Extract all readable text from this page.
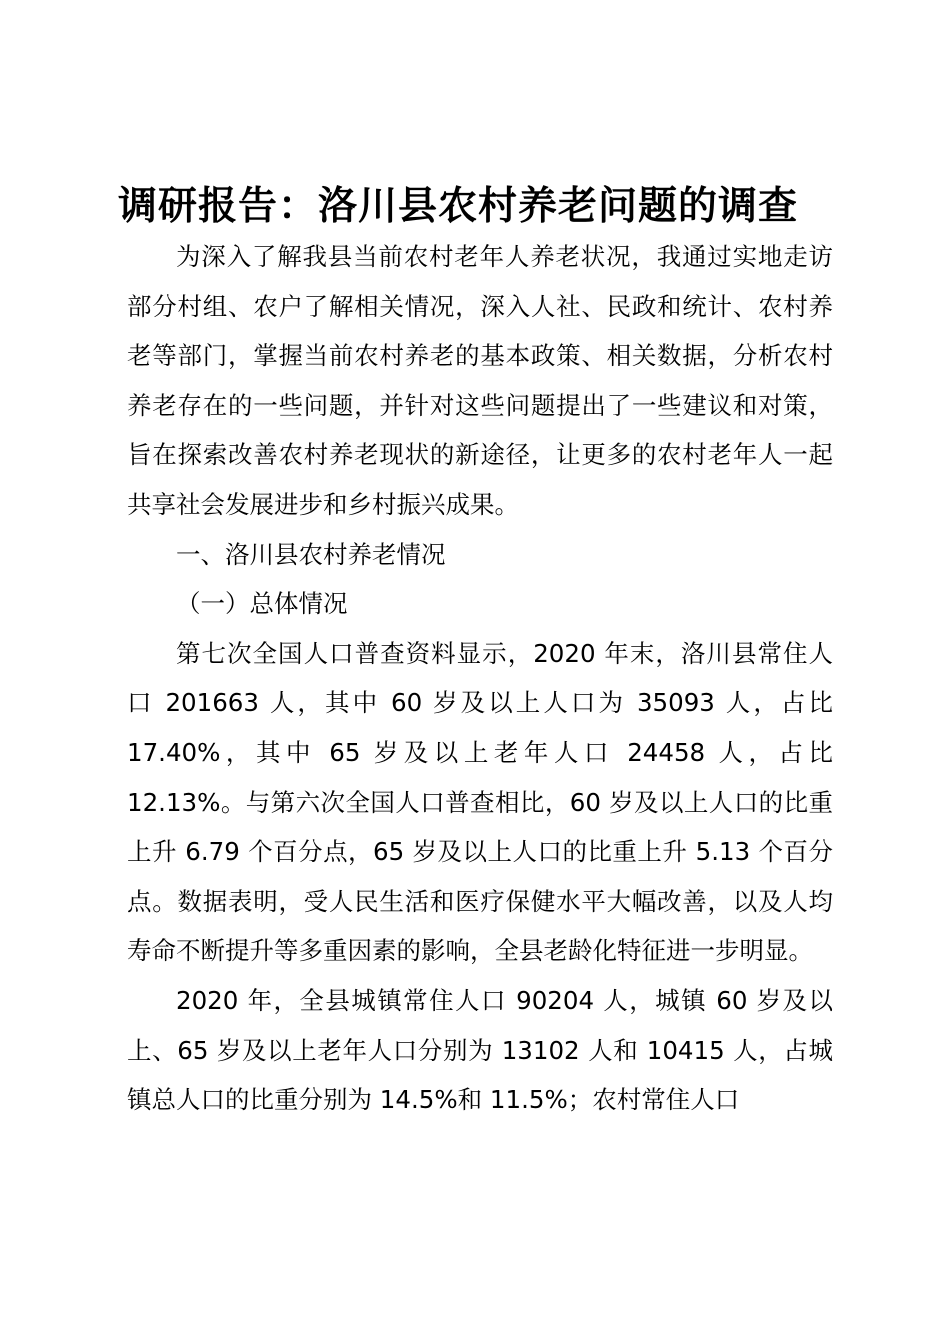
调研报告：洛川县农村养老问题的调查

为深入了解我县当前农村老年人养老状况，我通过实地走访部分村组、农户了解相关情况，深入人社、民政和统计、农村养老等部门，掌握当前农村养老的基本政策、相关数据，分析农村养老存在的一些问题，并针对这些问题提出了一些建议和对策，旨在探索改善农村养老现状的新途径，让更多的农村老年人一起共享社会发展进步和乡村振兴成果。

一、洛川县农村养老情况

（一）总体情况

第七次全国人口普查资料显示，2020 年末，洛川县常住人口 201663 人，其中 60 岁及以上人口为 35093 人，占比 17.40%，其中 65 岁及以上老年人口 24458 人，占比 12.13%。与第六次全国人口普查相比，60 岁及以上人口的比重上升 6.79 个百分点，65 岁及以上人口的比重上升 5.13 个百分点。数据表明，受人民生活和医疗保健水平大幅改善，以及人均寿命不断提升等多重因素的影响，全县老龄化特征进一步明显。

2020 年，全县城镇常住人口 90204 人，城镇 60 岁及以上、65 岁及以上老年人口分别为 13102 人和 10415 人，占城镇总人口的比重分别为 14.5%和 11.5%；农村常住人口
